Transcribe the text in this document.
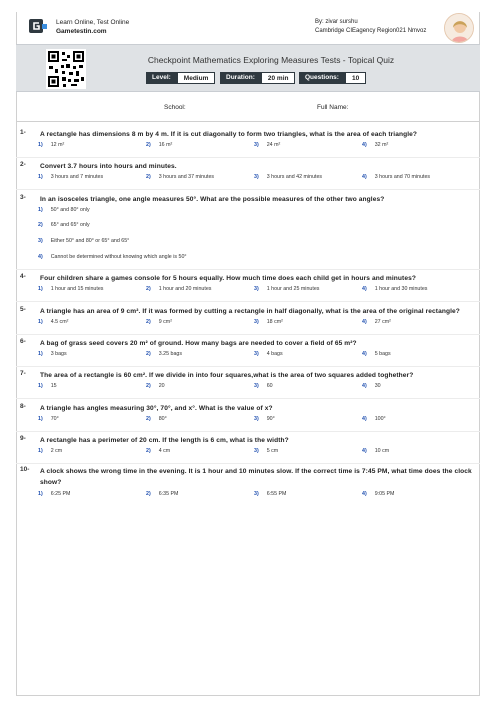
Learn Online, Test Online
Gametestin.com
By: zivar surshu
Cambridge CIEagency Region021 Nmvoz
Checkpoint Mathematics Exploring Measures Tests - Topical Quiz
Level:	Medium	Duration:	20 min	Questions:	10
School:	Full Name:
1- A rectangle has dimensions 8 m by 4 m. If it is cut diagonally to form two triangles, what is the area of each triangle?
1) 12 m²	2) 16 m²	3) 24 m²	4) 32 m²
2- Convert 3.7 hours into hours and minutes.
1) 3 hours and 7 minutes	2) 3 hours and 37 minutes	3) 3 hours and 42 minutes	4) 3 hours and 70 minutes
3- In an isosceles triangle, one angle measures 50°. What are the possible measures of the other two angles?
1) 50° and 80° only
2) 65° and 65° only
3) Either 50° and 80° or 65° and 65°
4) Cannot be determined without knowing which angle is 50°
4- Four children share a games console for 5 hours equally. How much time does each child get in hours and minutes?
1) 1 hour and 15 minutes	2) 1 hour and 20 minutes	3) 1 hour and 25 minutes	4) 1 hour and 30 minutes
5- A triangle has an area of 9 cm². If it was formed by cutting a rectangle in half diagonally, what is the area of the original rectangle?
1) 4.5 cm²	2) 9 cm²	3) 18 cm²	4) 27 cm²
6- A bag of grass seed covers 20 m² of ground. How many bags are needed to cover a field of 65 m²?
1) 3 bags	2) 3.25 bags	3) 4 bags	4) 5 bags
7- The area of a rectangle is 60 cm². If we divide in into four squares,what is the area of two squares added toghether?
1) 15	2) 20	3) 60	4) 30
8- A triangle has angles measuring 30°, 70°, and x°. What is the value of x?
1) 70°	2) 80°	3) 90°	4) 100°
9- A rectangle has a perimeter of 20 cm. If the length is 6 cm, what is the width?
1) 2 cm	2) 4 cm	3) 5 cm	4) 10 cm
10- A clock shows the wrong time in the evening. It is 1 hour and 10 minutes slow. If the correct time is 7:45 PM, what time does the clock show?
1) 6:25 PM	2) 6:35 PM	3) 6:55 PM	4) 9:05 PM
